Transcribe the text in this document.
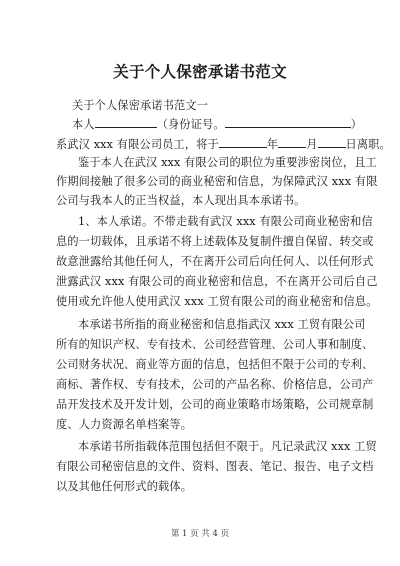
关于个人保密承诺书范文
关于个人保密承诺书范文一
本人	（身份证号。	）
系武汉 xxx 有限公司员工，将于	年	月	日离职。
鉴于本人在武汉 xxx 有限公司的职位为重要涉密岗位，且工
作期间接触了很多公司的商业秘密和信息，为保障武汉 xxx 有限
公司与我本人的正当权益，本人现出具本承诺书。
1、本人承诺。不带走载有武汉 xxx 有限公司商业秘密和信
息的一切载体，且承诺不将上述载体及复制件擅自保留、转交或
故意泄露给其他任何人，不在离开公司后向任何人、以任何形式
泄露武汉 xxx 有限公司的商业秘密和信息，不在离开公司后自己
使用或允许他人使用武汉 xxx 工贸有限公司的商业秘密和信息。
本承诺书所指的商业秘密和信息指武汉 xxx 工贸有限公司
所有的知识产权、专有技术、公司经营管理、公司人事和制度、
公司财务状况、商业等方面的信息，包括但不限于公司的专利、
商标、著作权、专有技术，公司的产品名称、价格信息，公司产
品开发技术及开发计划，公司的商业策略市场策略，公司规章制
度、人力资源名单档案等。
本承诺书所指载体范围包括但不限于。凡记录武汉 xxx 工贸
有限公司秘密信息的文件、资料、图表、笔记、报告、电子文档
以及其他任何形式的载体。
第 1 页 共 4 页
